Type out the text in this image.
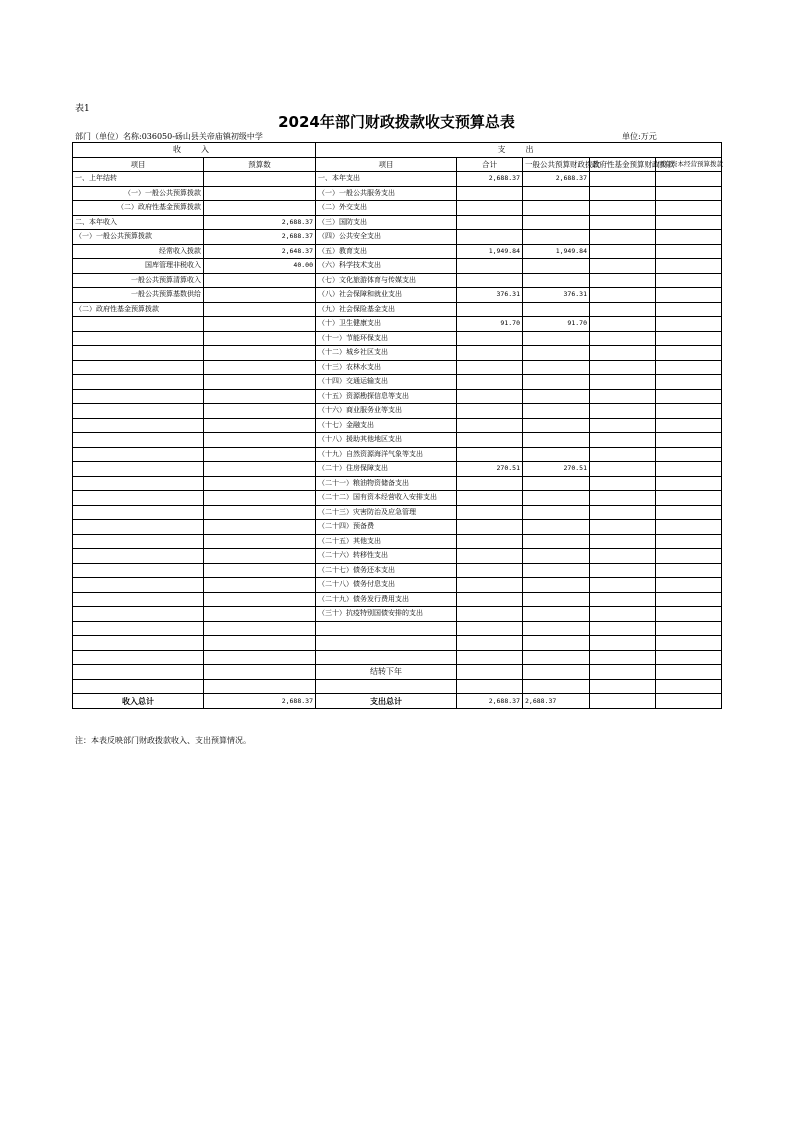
表1
2024年部门财政拨款收支预算总表
部门（单位）名称:036050-砀山县关帝庙镇初级中学	单位:万元
收　入		支　出				
项目	预算数	项目	合计	一般公共预算财政拨款	政府性基金预算财政拨款	国有资本经营预算拨款
一、上年结转		一、本年支出	2,688.37	2,688.37		
（一）一般公共预算拨款		（一）一般公共服务支出				
（二）政府性基金预算拨款		（二）外交支出				
二、本年收入	2,688.37	（三）国防支出				
（一）一般公共预算拨款	2,688.37	（四）公共安全支出				
经常收入拨款	2,648.37	（五）教育支出	1,949.84	1,949.84		
国库管理非税收入	40.00	（六）科学技术支出				
一般公共预算清算收入		（七）文化旅游体育与传媒支出				
一般公共预算基数供给		（八）社会保障和就业支出	376.31	376.31		
（二）政府性基金预算拨款		（九）社会保险基金支出				
		（十）卫生健康支出	91.70	91.70		
		（十一）节能环保支出				
		（十二）城乡社区支出				
		（十三）农林水支出				
		（十四）交通运输支出				
		（十五）资源勘探信息等支出				
		（十六）商业服务业等支出				
		（十七）金融支出				
		（十八）援助其他地区支出				
		（十九）自然资源海洋气象等支出				
		（二十）住房保障支出	270.51	270.51		
		（二十一）粮油物资储备支出				
		（二十二）国有资本经营收入安排支出				
		（二十三）灾害防治及应急管理				
		（二十四）预备费				
		（二十五）其他支出				
		（二十六）转移性支出				
		（二十七）债务还本支出				
		（二十八）债务付息支出				
		（二十九）债务发行费用支出				
		（三十）抗疫特别国债安排的支出				

		结转下年				

收入总计	2,688.37	支出总计	2,688.37	2,688.37		
注：本表反映部门财政拨款收入、支出预算情况。
